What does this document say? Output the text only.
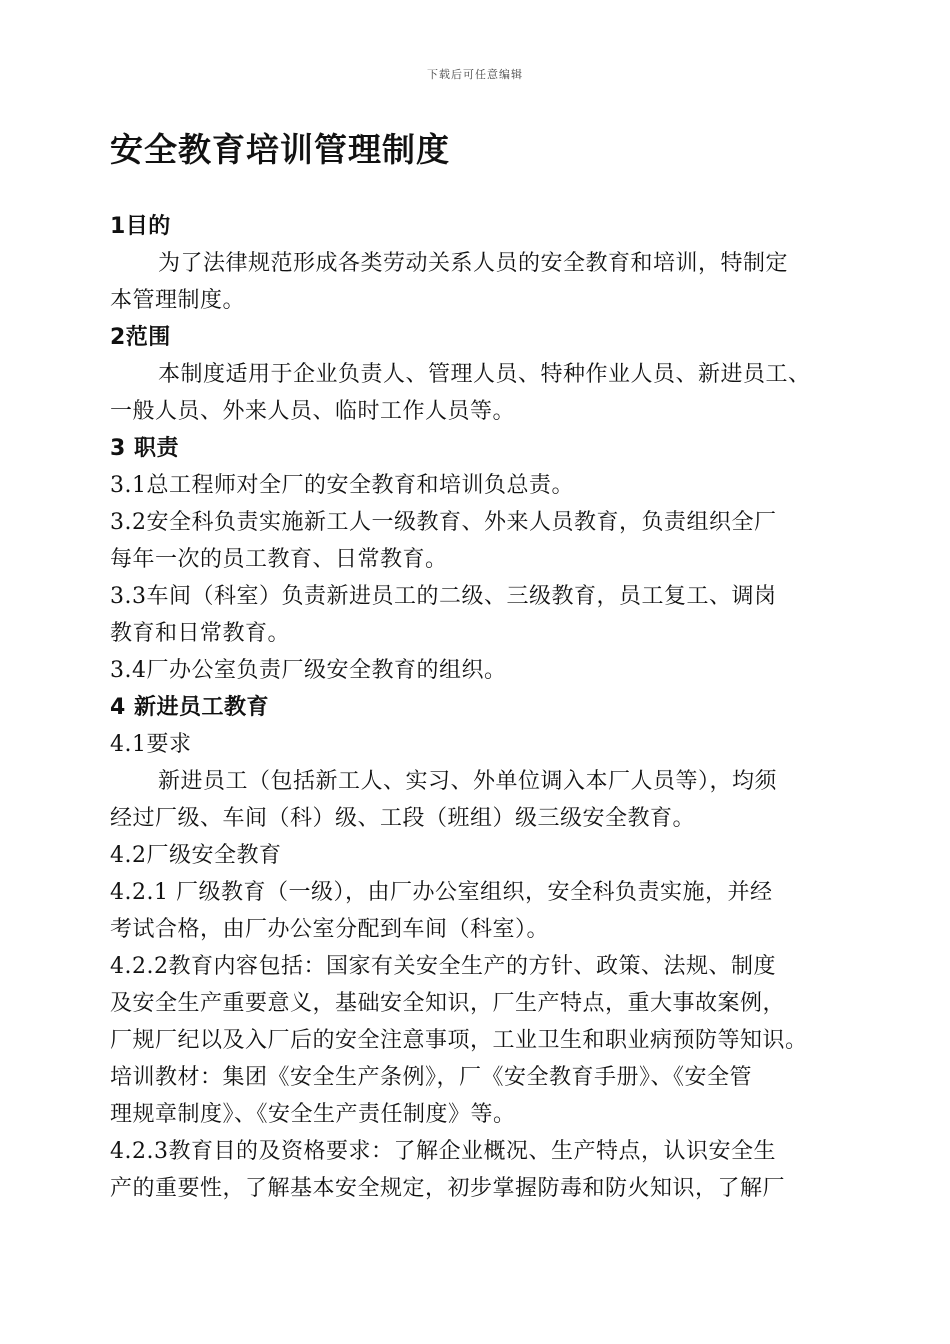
下载后可任意编辑
安全教育培训管理制度
1目的
为了法律规范形成各类劳动关系人员的安全教育和培训，特制定
本管理制度。
2范围
本制度适用于企业负责人、管理人员、特种作业人员、新进员工、
一般人员、外来人员、临时工作人员等。
3 职责
3.1总工程师对全厂的安全教育和培训负总责。
3.2安全科负责实施新工人一级教育、外来人员教育，负责组织全厂
每年一次的员工教育、日常教育。
3.3车间（科室）负责新进员工的二级、三级教育，员工复工、调岗
教育和日常教育。
3.4厂办公室负责厂级安全教育的组织。
4 新进员工教育
4.1要求
新进员工（包括新工人、实习、外单位调入本厂人员等），均须
经过厂级、车间（科）级、工段（班组）级三级安全教育。
4.2厂级安全教育
4.2.1 厂级教育（一级），由厂办公室组织，安全科负责实施，并经
考试合格，由厂办公室分配到车间（科室）。
4.2.2教育内容包括：国家有关安全生产的方针、政策、法规、制度
及安全生产重要意义，基础安全知识，厂生产特点，重大事故案例，
厂规厂纪以及入厂后的安全注意事项，工业卫生和职业病预防等知识。
培训教材：集团《安全生产条例》，厂《安全教育手册》、《安全管
理规章制度》、《安全生产责任制度》等。
4.2.3教育目的及资格要求：了解企业概况、生产特点，认识安全生
产的重要性，了解基本安全规定，初步掌握防毒和防火知识，了解厂
